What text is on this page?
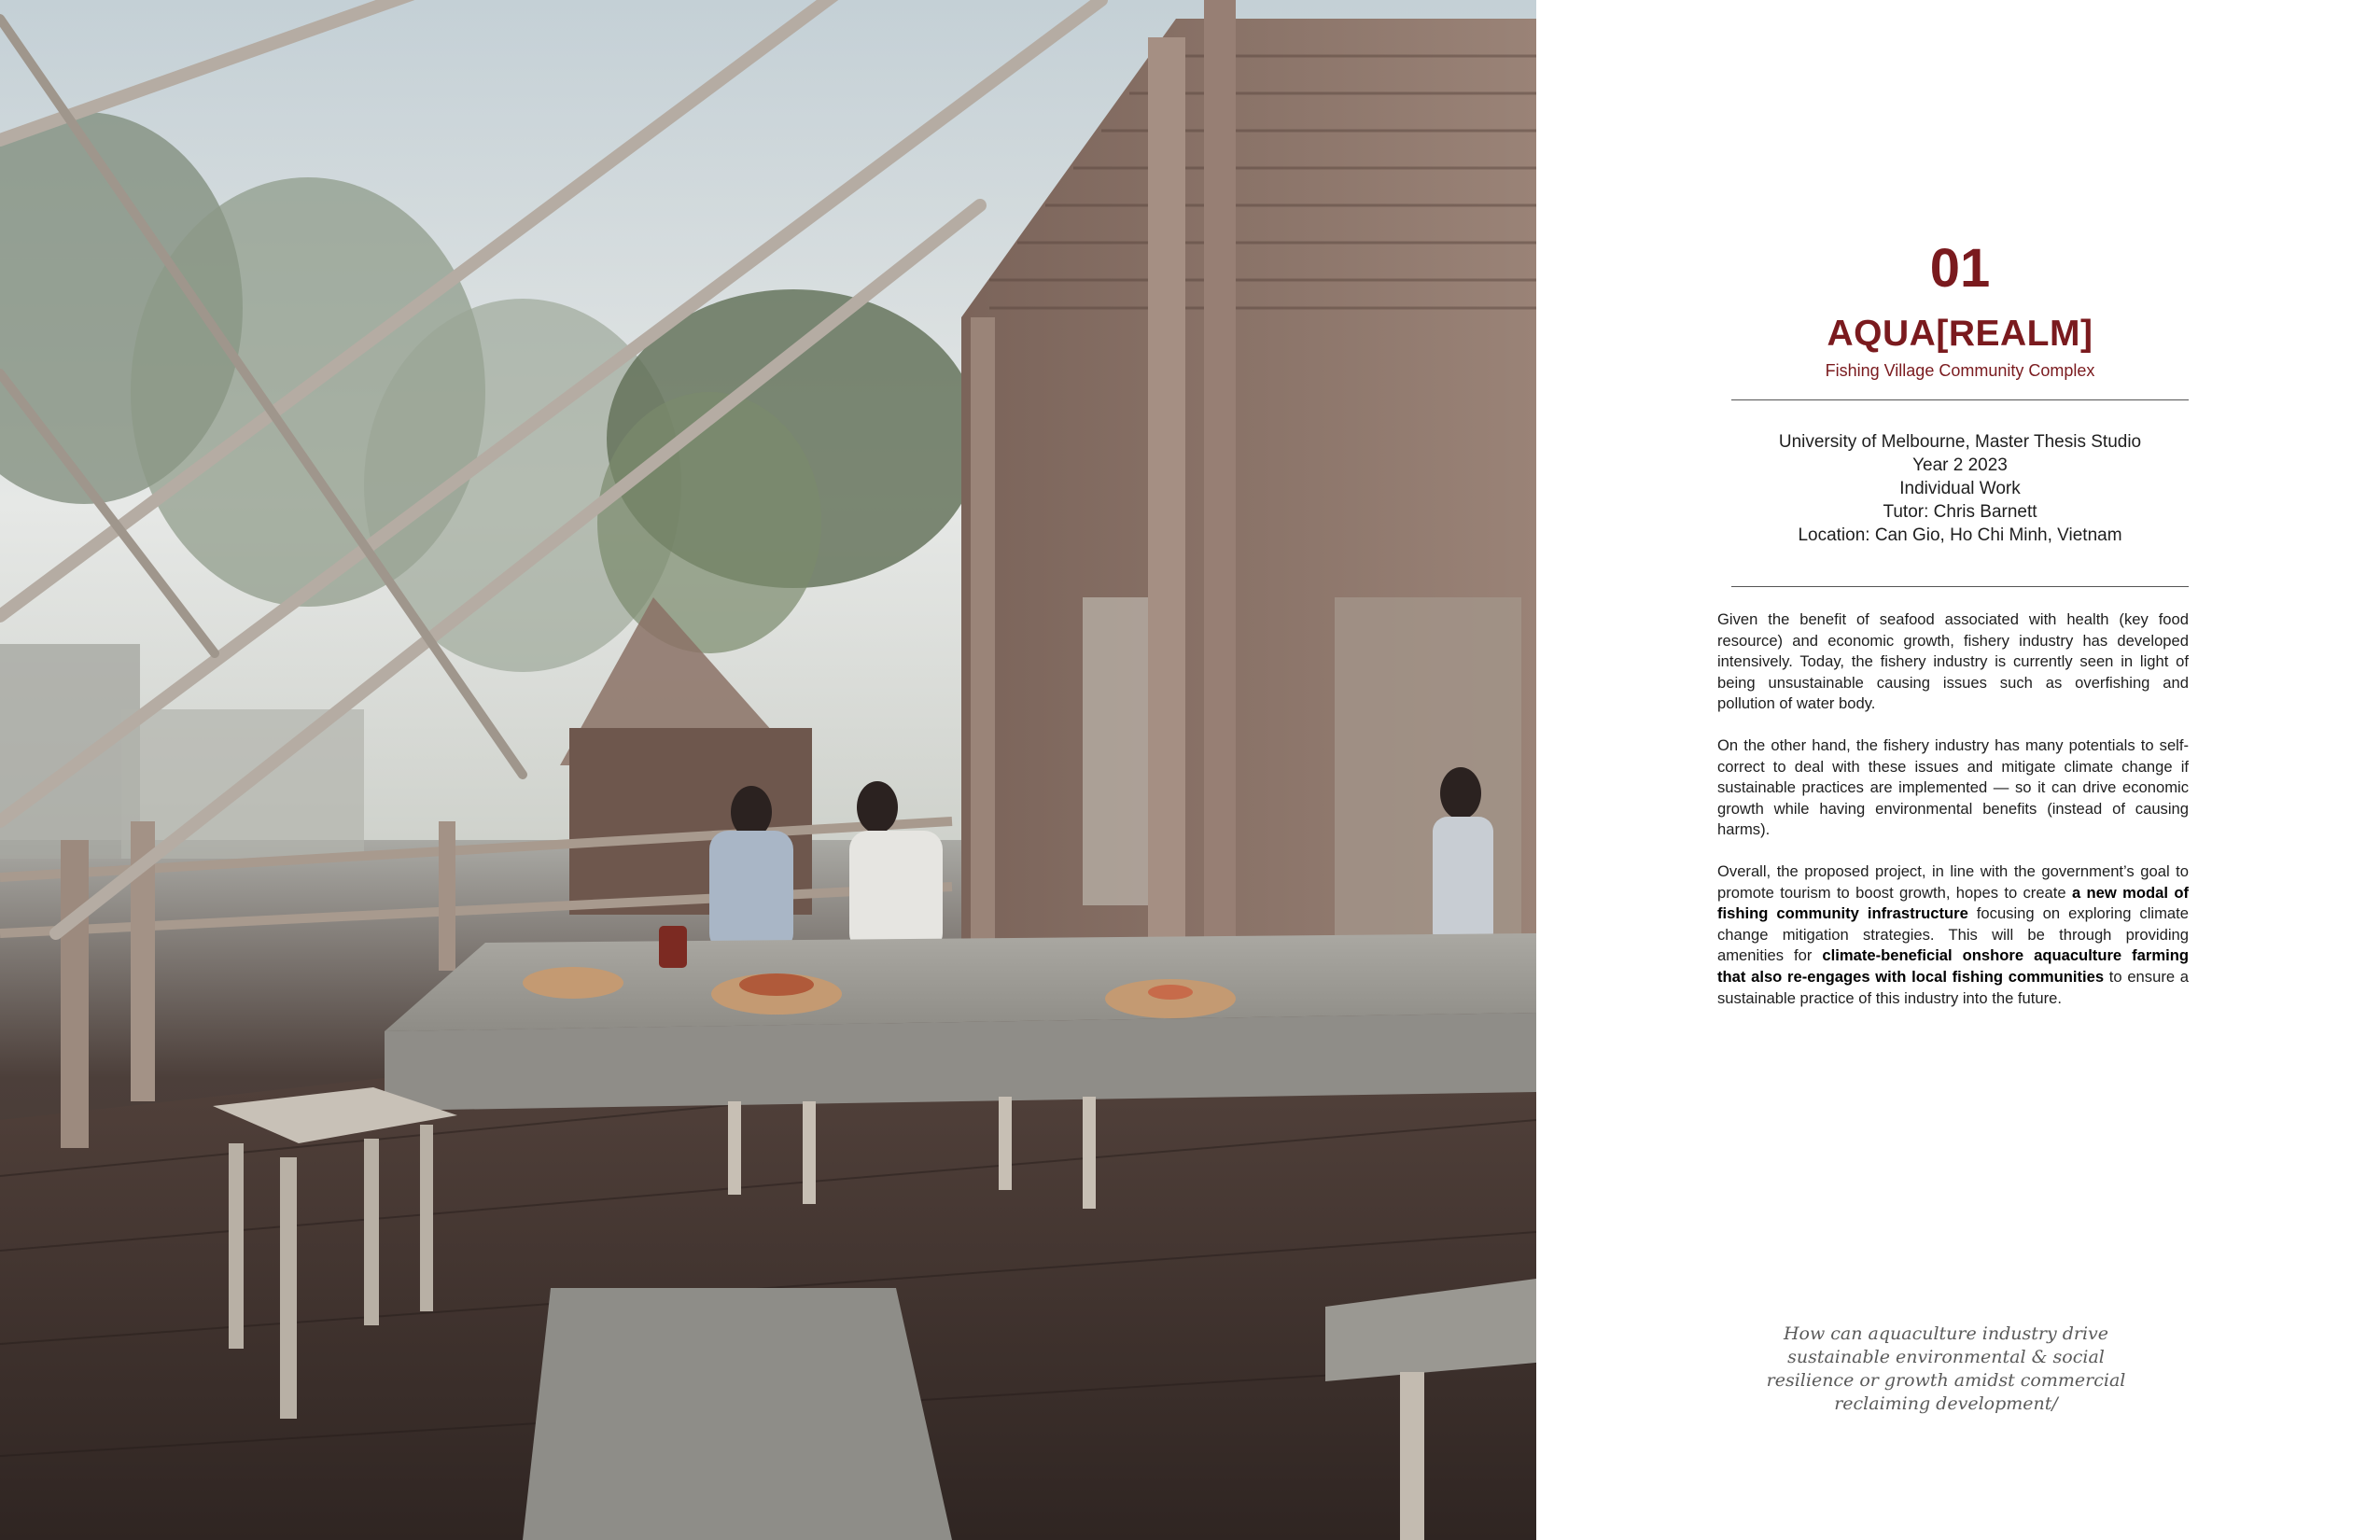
01
AQUA[REALM]
Fishing Village Community Complex
University of Melbourne, Master Thesis Studio
Year 2 2023
Individual Work
Tutor: Chris Barnett
Location: Can Gio, Ho Chi Minh, Vietnam

Given the benefit of seafood associated with health (key food resource) and economic growth, fishery industry has developed intensively. Today, the fishery industry is currently seen in light of being unsustainable causing issues such as overfishing and pollution of water body.

On the other hand, the fishery industry has many potentials to self-correct to deal with these issues and mitigate climate change if sustainable practices are implemented — so it can drive economic growth while having environmental benefits (instead of causing harms).

Overall, the proposed project, in line with the government’s goal to promote tourism to boost growth, hopes to create a new modal of fishing community infrastructure focusing on exploring climate change mitigation strategies. This will be through providing amenities for climate-beneficial onshore aquaculture farming that also re-engages with local fishing communities to ensure a sustainable practice of this industry into the future.

How can aquaculture industry drive sustainable environmental & social resilience or growth amidst commercial reclaiming development/
